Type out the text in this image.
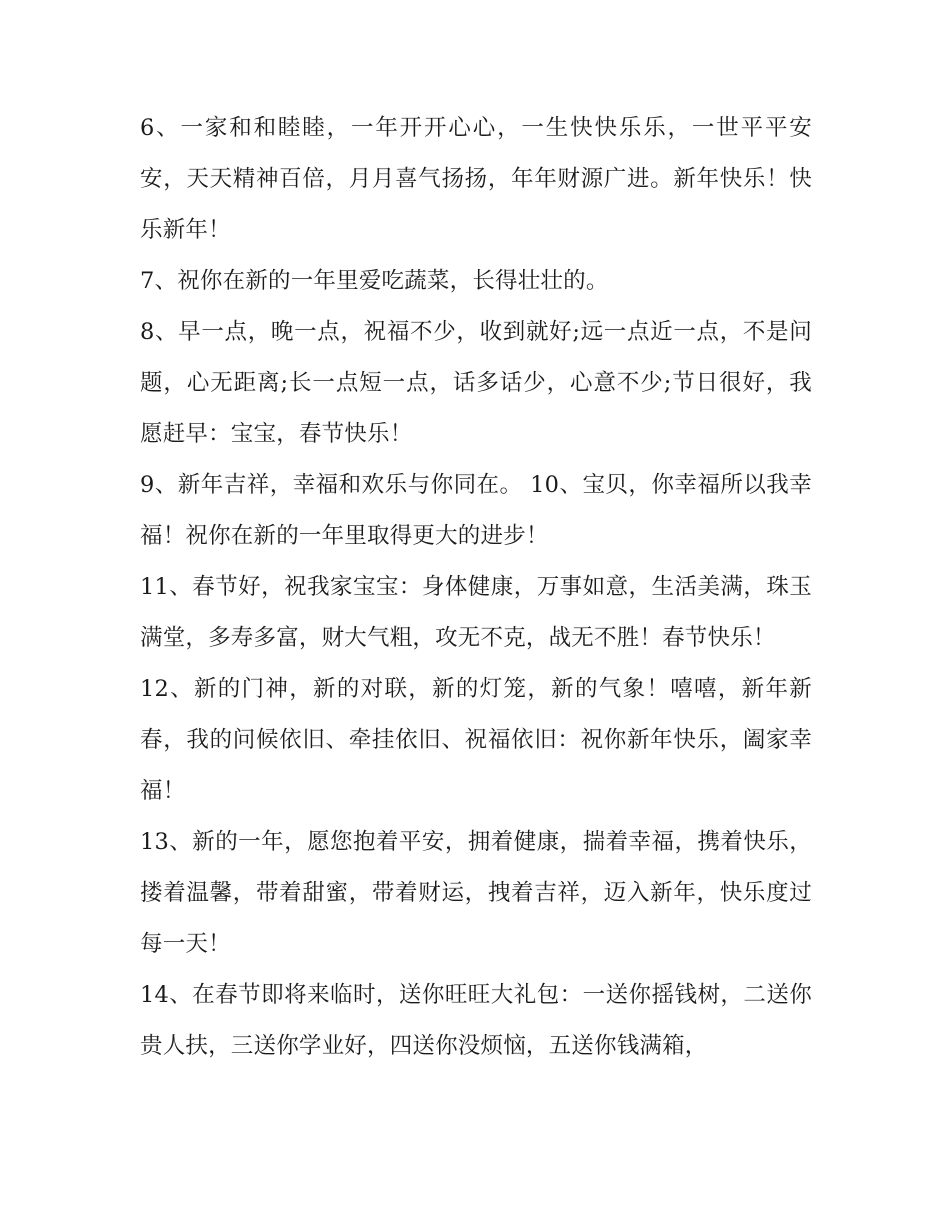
6、一家和和睦睦，一年开开心心，一生快快乐乐，一世平平安安，天天精神百倍，月月喜气扬扬，年年财源广进。新年快乐！快乐新年！

7、祝你在新的一年里爱吃蔬菜，长得壮壮的。

8、早一点，晚一点，祝福不少，收到就好;远一点近一点，不是问题，心无距离;长一点短一点，话多话少，心意不少;节日很好，我愿赶早：宝宝，春节快乐！

9、新年吉祥，幸福和欢乐与你同在。 10、宝贝，你幸福所以我幸福！祝你在新的一年里取得更大的进步！

11、春节好，祝我家宝宝：身体健康，万事如意，生活美满，珠玉满堂，多寿多富，财大气粗，攻无不克，战无不胜！春节快乐！

12、新的门神，新的对联，新的灯笼，新的气象！嘻嘻，新年新春，我的问候依旧、牵挂依旧、祝福依旧：祝你新年快乐，阖家幸福！

13、新的一年，愿您抱着平安，拥着健康，揣着幸福，携着快乐，搂着温馨，带着甜蜜，带着财运，拽着吉祥，迈入新年，快乐度过每一天！

14、在春节即将来临时，送你旺旺大礼包：一送你摇钱树，二送你贵人扶，三送你学业好，四送你没烦恼，五送你钱满箱，
